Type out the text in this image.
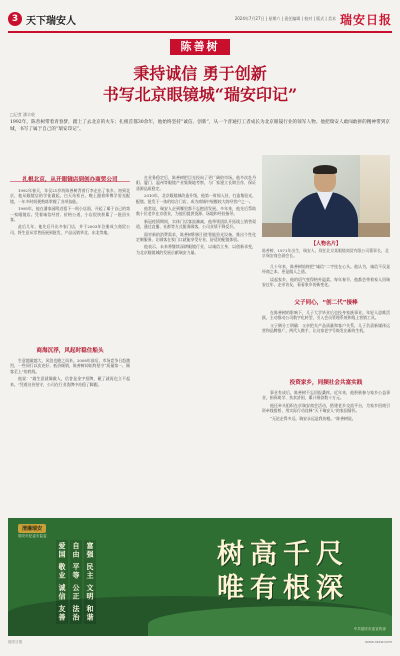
3 天下瑞安人	2024年7月27日 | 星期六 | 责任编辑 | 校对 | 版式 | 美术 瑞安日报
陈善树
秉持诚信 勇于创新
书写北京眼镜城“瑞安印记”
□记者 潘丰收
1992年，陈善树带着青春梦，踏上了去北京的火车；扎根首都30余年，他始终坚持“诚信、创新”，从一个普通打工者成长为北京眼镜行业的领军人物。他把瑞安人敢闯敢拼的精神带到京城，书写了属于自己的“瑞安印记”。
扎根北京，从开眼镜店到创办商贸公司

1992年春天，年仅21岁的陈善树背着行李走出了家乡。初到北京，他从眼镜店的学徒做起，白天站柜台，晚上跟着师傅学验光配镜，一年多时间便熟练掌握了各项技能。

1995年，他在潘家园附近租下一间小店面，开起了属于自己的第一家眼镜店。凭着诚信经营、价格公道，小店很快积累了一批回头客。

此后几年，他先后开出多家门店，并于2003年注册成立商贸公司，将生意从零售拓展到批发，产品远销华北、东北等地。

商海沉浮，风起时稳住船头

生意越做越大，风浪也随之而来。2008年前后，市场竞争日趋激烈，一些同行以次充好、低价倾销，陈善树却始终坚守“质量第一、顾客至上”的底线。

他说：“做生意就像做人，信誉是金字招牌，砸了就再也立不起来。”凭着这份坚守，公司在行业洗牌中站稳了脚跟。

在业务稳定后，陈善树把目光投向了更广阔的市场。他多次赴丹阳、厦门、温州等眼镜产业集聚地考察，与厂家建立长期合作，保证货源品质稳定。

2010年，北京眼镜城改造升级，他第一时间入驻，打造集验光、配镜、批发于一体的综合门店，成为商城中规模较大的经营户之一。

他常说，瑞安人走到哪里都不忘抱团发展。多年来，他先后帮助数十位老乡在京创业，为他们提供货源、场地和经验指导。

新冠疫情期间，实体门店客流骤减，他带领团队开拓线上销售渠道，通过直播、社群等方式服务顾客，公司业绩不降反升。

面对新的消费需求，陈善树积极引进智能验光设备，推出个性化定制服务，让顾客在家门口就能享受专业、舒适的配镜体验。

他表示，未来将继续深耕眼镜行业，以诚信立身、以创新求变，为北京眼镜城的发展贡献瑞安力量。

【人物名片】
陈善树，1971年出生，瑞安人，现任北京某眼镜商贸有限公司董事长，北京瑞安商会副会长。

几十年来，陈善树始终把“诚信”二字挂在心头。他认为，诚信不仅是经商之本，更是做人之道。

谈起家乡，他的语气变得格外温柔。每年春节，他都会带着家人回瑞安过年，走亲访友，看看家乡的新变化。

父子同心，“创二代”接棒

在陈善树的影响下，儿子大学毕业后也投身家族事业。年轻人思维活跃，主动推动公司数字化转型，引入会员管理系统和线上营销工具。

父子俩分工明确：父亲把关产品质量和客户关系，儿子负责新媒体运营和品牌推广。两代人携手，让这家老字号焕发出新的生机。

投资家乡，同频社会共富实践

事业有成后，陈善树不忘回报桑梓。近年来，他积极参与家乡公益事业，捐资助学、扶贫济困，累计捐款数十万元。

他还牵头组织在京瑞安商会活动，搭建老乡交流平台，为家乡招商引资牵线搭桥，用实际行动诠释“天下瑞安人”的家国情怀。

“无论走得多远，瑞安永远是我的根。”陈善树说。

清廉瑞安
瑞安市纪委市监委
富强 民主 文明 和谐
自由 平等 公正 法治
爱国 敬业 诚信 友善	树高千尺
唯有根深
中共瑞安市委宣传部
瑞安日报	www.raxw.com
